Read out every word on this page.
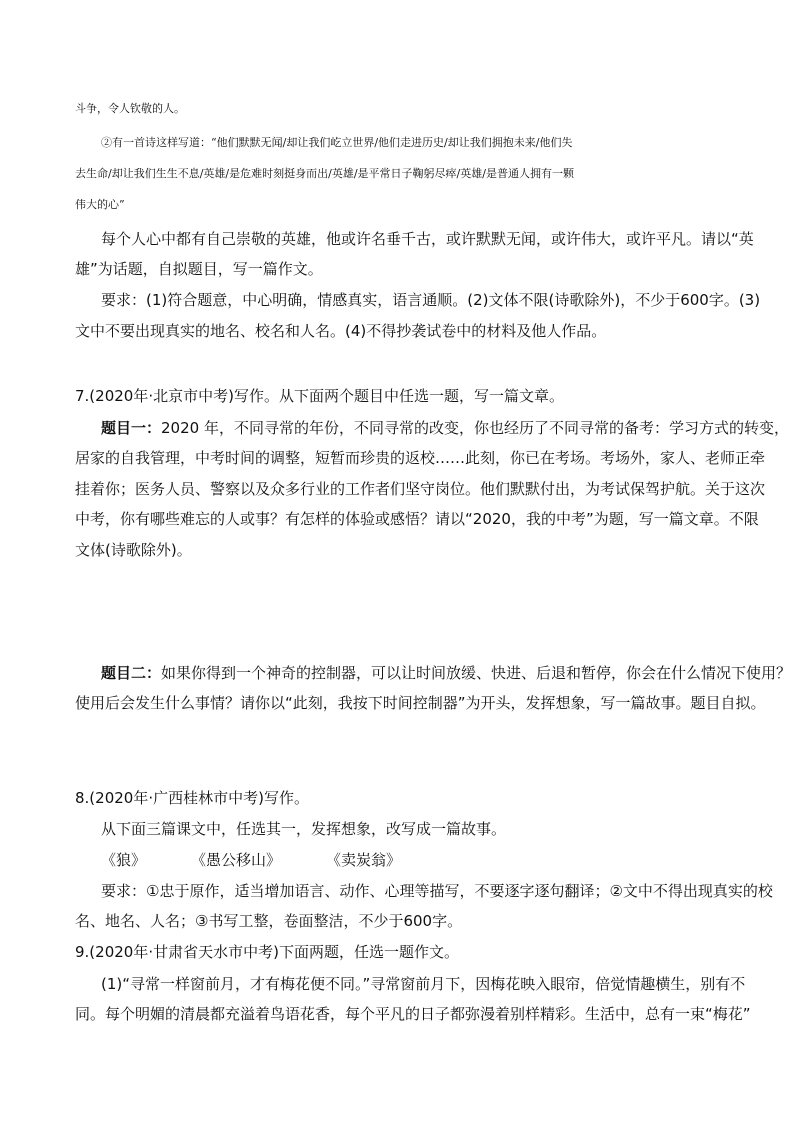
斗争，令人钦敬的人。
②有一首诗这样写道：“他们默默无闻/却让我们屹立世界/他们走进历史/却让我们拥抱未来/他们失
去生命/却让我们生生不息/英雄/是危难时刻挺身而出/英雄/是平常日子鞠躬尽瘁/英雄/是普通人拥有一颗
伟大的心”
每个人心中都有自己崇敬的英雄，他或许名垂千古，或许默默无闻，或许伟大，或许平凡。请以“英
雄”为话题，自拟题目，写一篇作文。
要求：(1)符合题意，中心明确，情感真实，语言通顺。(2)文体不限(诗歌除外)，不少于600字。(3)
文中不要出现真实的地名、校名和人名。(4)不得抄袭试卷中的材料及他人作品。
7.(2020年·北京市中考)写作。从下面两个题目中任选一题，写一篇文章。
题目一：2020 年，不同寻常的年份，不同寻常的改变，你也经历了不同寻常的备考：学习方式的转变，
居家的自我管理，中考时间的调整，短暂而珍贵的返校……此刻，你已在考场。考场外，家人、老师正牵
挂着你；医务人员、警察以及众多行业的工作者们坚守岗位。他们默默付出，为考试保驾护航。关于这次
中考，你有哪些难忘的人或事？有怎样的体验或感悟？请以“2020，我的中考”为题，写一篇文章。不限
文体(诗歌除外)。
题目二：如果你得到一个神奇的控制器，可以让时间放缓、快进、后退和暂停，你会在什么情况下使用？
使用后会发生什么事情？请你以“此刻，我按下时间控制器”为开头，发挥想象，写一篇故事。题目自拟。
8.(2020年·广西桂林市中考)写作。
从下面三篇课文中，任选其一，发挥想象，改写成一篇故事。
《狼》　　　　《愚公移山》　　　　《卖炭翁》
要求：①忠于原作，适当增加语言、动作、心理等描写，不要逐字逐句翻译；②文中不得出现真实的校
名、地名、人名；③书写工整，卷面整洁，不少于600字。
9.(2020年·甘肃省天水市中考)下面两题，任选一题作文。
(1)“寻常一样窗前月，才有梅花便不同。”寻常窗前月下，因梅花映入眼帘，倍觉情趣横生，别有不
同。每个明媚的清晨都充溢着鸟语花香，每个平凡的日子都弥漫着别样精彩。生活中，总有一束“梅花”
